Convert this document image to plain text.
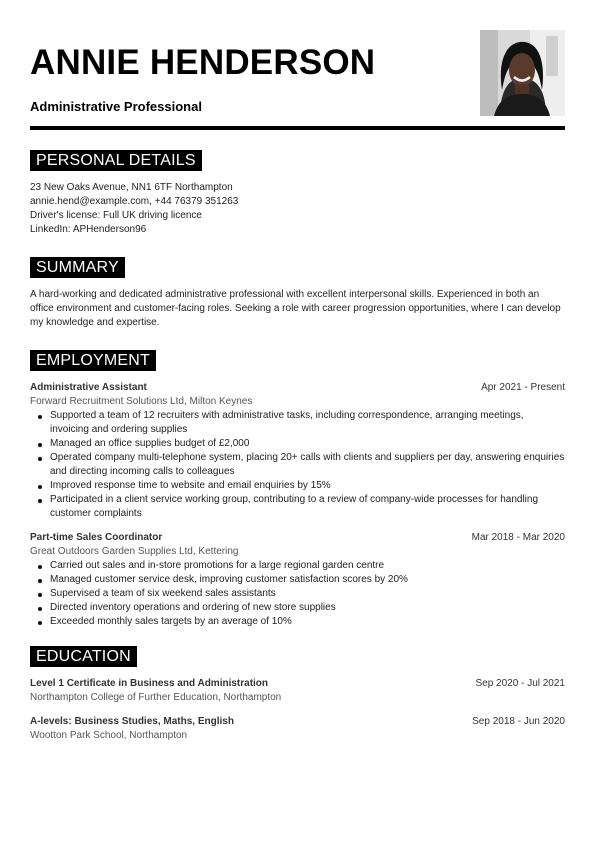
ANNIE HENDERSON
Administrative Professional
PERSONAL DETAILS
23 New Oaks Avenue, NN1 6TF Northampton
annie.hend@example.com, +44 76379 351263
Driver's license: Full UK driving licence
LinkedIn: APHenderson96
SUMMARY

A hard-working and dedicated administrative professional with excellent interpersonal skills. Experienced in both an office environment and customer-facing roles. Seeking a role with career progression opportunities, where I can develop my knowledge and expertise.

EMPLOYMENT
Administrative Assistant	Apr 2021 - Present
Forward Recruitment Solutions Ltd, Milton Keynes
Supported a team of 12 recruiters with administrative tasks, including correspondence, arranging meetings, invoicing and ordering supplies
Managed an office supplies budget of £2,000
Operated company multi-telephone system, placing 20+ calls with clients and suppliers per day, answering enquiries and directing incoming calls to colleagues
Improved response time to website and email enquiries by 15%
Participated in a client service working group, contributing to a review of company-wide processes for handling customer complaints
Part-time Sales Coordinator	Mar 2018 - Mar 2020
Great Outdoors Garden Supplies Ltd, Kettering
Carried out sales and in-store promotions for a large regional garden centre
Managed customer service desk, improving customer satisfaction scores by 20%
Supervised a team of six weekend sales assistants
Directed inventory operations and ordering of new store supplies
Exceeded monthly sales targets by an average of 10%
EDUCATION
Level 1 Certificate in Business and Administration	Sep 2020 - Jul 2021
Northampton College of Further Education, Northampton
A-levels: Business Studies, Maths, English	Sep 2018 - Jun 2020
Wootton Park School, Northampton
